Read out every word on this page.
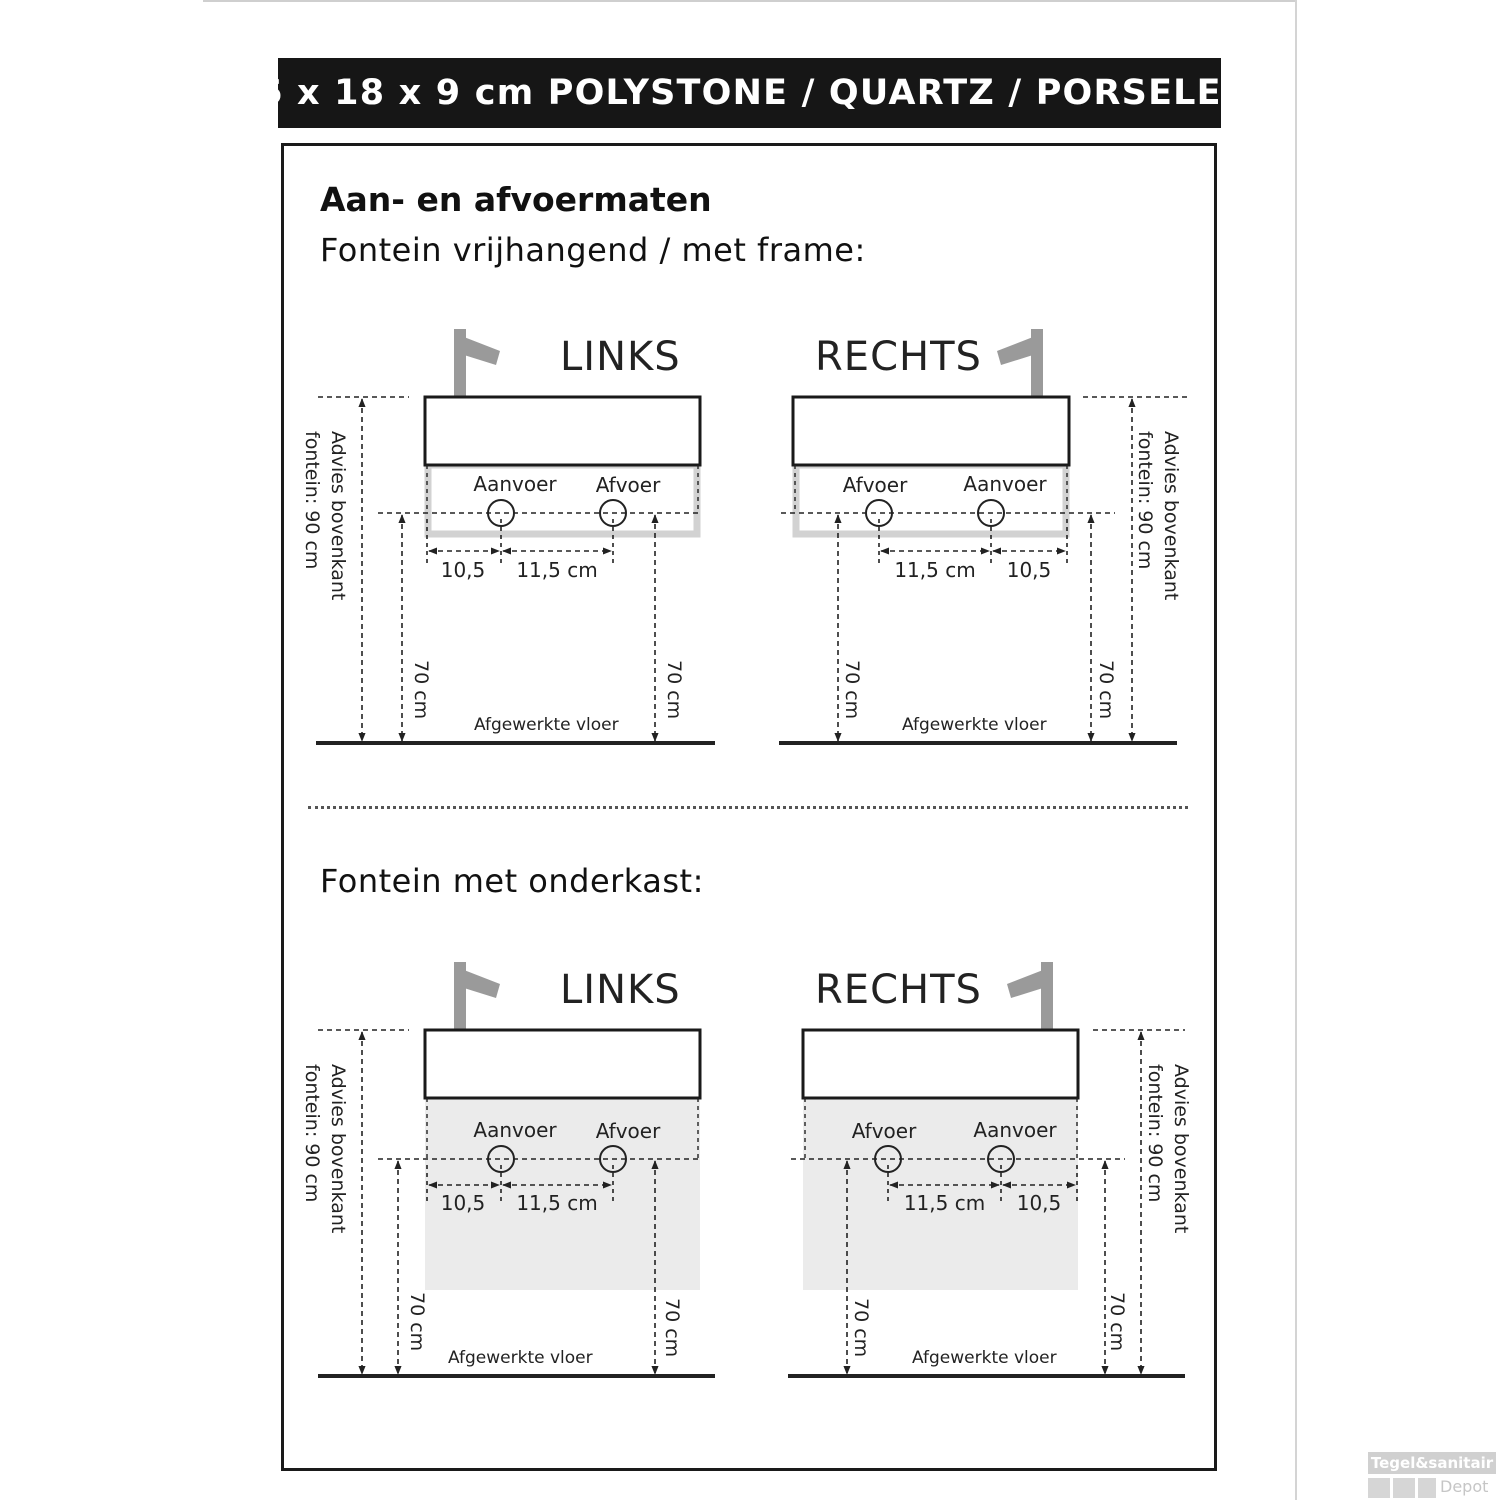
36 x 18 x 9 cm POLYSTONE / QUARTZ / PORSELEIN
Aan- en afvoermaten
Fontein vrijhangend / met frame:
Fontein met onderkast:
LINKS
Aanvoer Afvoer
10,5 11,5 cm
Advies bovenkant
fontein: 90 cm
70 cm	70 cm
Afgewerkte vloer
RECHTS
Aanvoer
Afvoer
11,5 cm 10,5	Advies bovenkant
fontein: 90 cm
70 cm
70 cm
Afgewerkte vloer
LINKS
Aanvoer Afvoer
10,5 11,5 cm
Advies bovenkant
fontein: 90 cm
70 cm	70 cm
Afgewerkte vloer
RECHTS
Aanvoer
Afvoer
11,5 cm 10,5	Advies bovenkant
fontein: 90 cm
70 cm
70 cm
Afgewerkte vloer
Tegel&sanitair
Depot
